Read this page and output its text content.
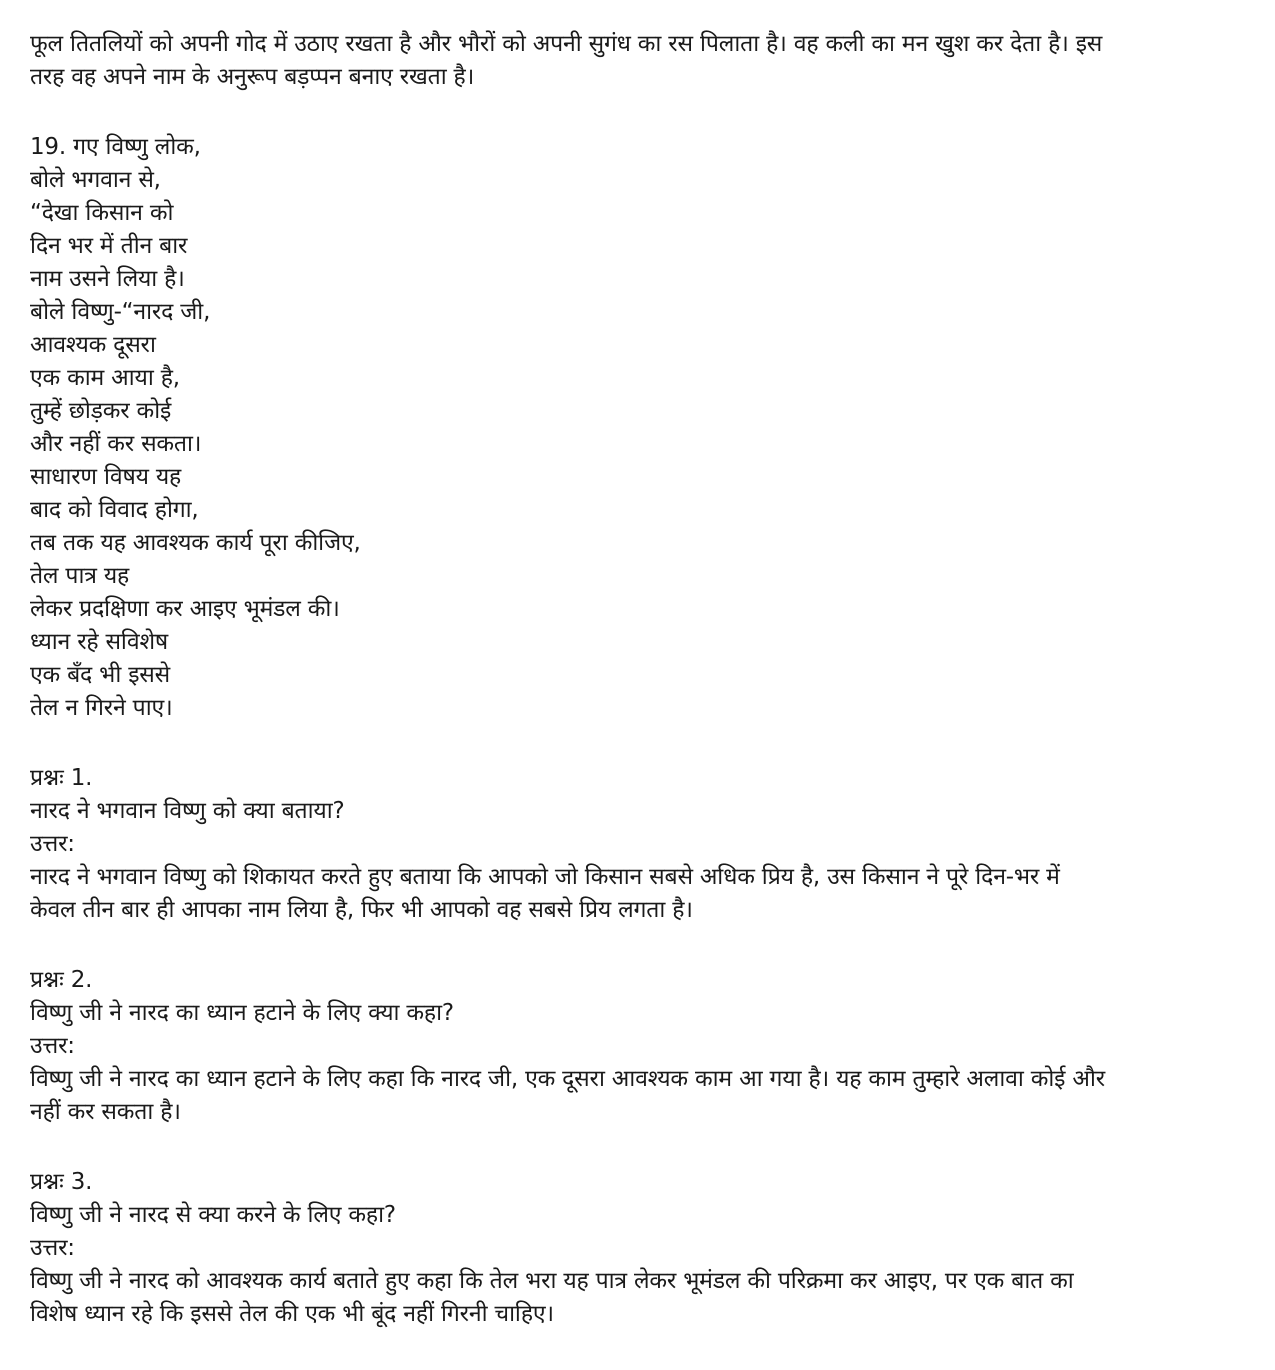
फूल तितलियों को अपनी गोद में उठाए रखता है और भौरों को अपनी सुगंध का रस पिलाता है। वह कली का मन खुश कर देता है। इस
तरह वह अपने नाम के अनुरूप बड़प्पन बनाए रखता है।
19. गए विष्णु लोक,
बोले भगवान से,
“देखा किसान को
दिन भर में तीन बार
नाम उसने लिया है।
बोले विष्णु-“नारद जी,
आवश्यक दूसरा
एक काम आया है,
तुम्हें छोड़कर कोई
और नहीं कर सकता।
साधारण विषय यह
बाद को विवाद होगा,
तब तक यह आवश्यक कार्य पूरा कीजिए,
तेल पात्र यह
लेकर प्रदक्षिणा कर आइए भूमंडल की।
ध्यान रहे सविशेष
एक बँद भी इससे
तेल न गिरने पाए।
प्रश्नः 1.
नारद ने भगवान विष्णु को क्या बताया?
उत्तर:
नारद ने भगवान विष्णु को शिकायत करते हुए बताया कि आपको जो किसान सबसे अधिक प्रिय है, उस किसान ने पूरे दिन-भर में
केवल तीन बार ही आपका नाम लिया है, फिर भी आपको वह सबसे प्रिय लगता है।
प्रश्नः 2.
विष्णु जी ने नारद का ध्यान हटाने के लिए क्या कहा?
उत्तर:
विष्णु जी ने नारद का ध्यान हटाने के लिए कहा कि नारद जी, एक दूसरा आवश्यक काम आ गया है। यह काम तुम्हारे अलावा कोई और
नहीं कर सकता है।
प्रश्नः 3.
विष्णु जी ने नारद से क्या करने के लिए कहा?
उत्तर:
विष्णु जी ने नारद को आवश्यक कार्य बताते हुए कहा कि तेल भरा यह पात्र लेकर भूमंडल की परिक्रमा कर आइए, पर एक बात का
विशेष ध्यान रहे कि इससे तेल की एक भी बूंद नहीं गिरनी चाहिए।
